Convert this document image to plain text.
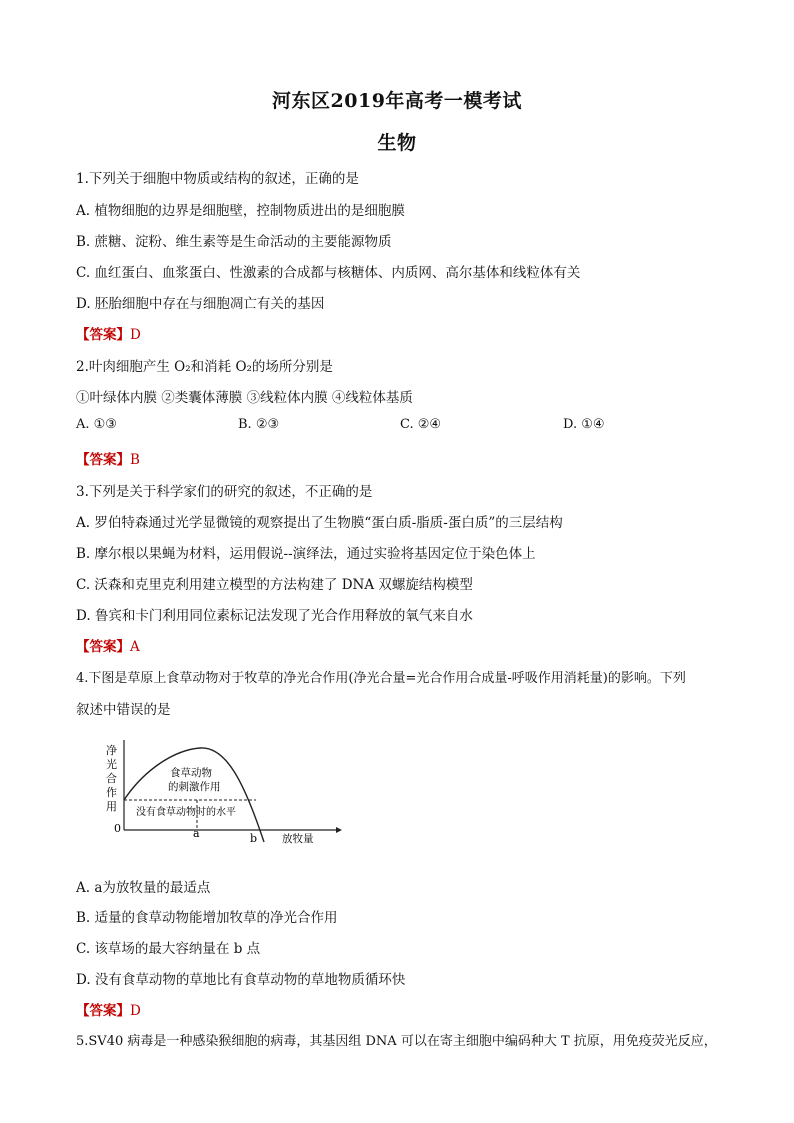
河东区2019年高考一模考试
生物
1.下列关于细胞中物质或结构的叙述，正确的是
A. 植物细胞的边界是细胞壁，控制物质进出的是细胞膜
B. 蔗糖、淀粉、维生素等是生命活动的主要能源物质
C. 血红蛋白、血浆蛋白、性激素的合成都与核糖体、内质网、高尔基体和线粒体有关
D. 胚胎细胞中存在与细胞凋亡有关的基因
【答案】D
2.叶肉细胞产生 O₂和消耗 O₂的场所分别是
①叶绿体内膜 ②类囊体薄膜 ③线粒体内膜 ④线粒体基质
A. ①③	B. ②③	C. ②④	D. ①④
【答案】B
3.下列是关于科学家们的研究的叙述，不正确的是
A. 罗伯特森通过光学显微镜的观察提出了生物膜“蛋白质-脂质-蛋白质”的三层结构
B. 摩尔根以果蝇为材料，运用假说--演绎法，通过实验将基因定位于染色体上
C. 沃森和克里克利用建立模型的方法构建了 DNA 双螺旋结构模型
D. 鲁宾和卡门利用同位素标记法发现了光合作用释放的氧气来自水
【答案】A
4.下图是草原上食草动物对于牧草的净光合作用(净光合量=光合作用合成量-呼吸作用消耗量)的影响。下列
叙述中错误的是
净
光
合
作
用
食草动物
的刺激作用
没有食草动物时的水平
0	a	b 放牧量
A. a为放牧量的最适点
B. 适量的食草动物能增加牧草的净光合作用
C. 该草场的最大容纳量在 b 点
D. 没有食草动物的草地比有食草动物的草地物质循环快
【答案】D
5.SV40 病毒是一种感染猴细胞的病毒，其基因组 DNA 可以在寄主细胞中编码种大 T 抗原，用免疫荧光反应，
